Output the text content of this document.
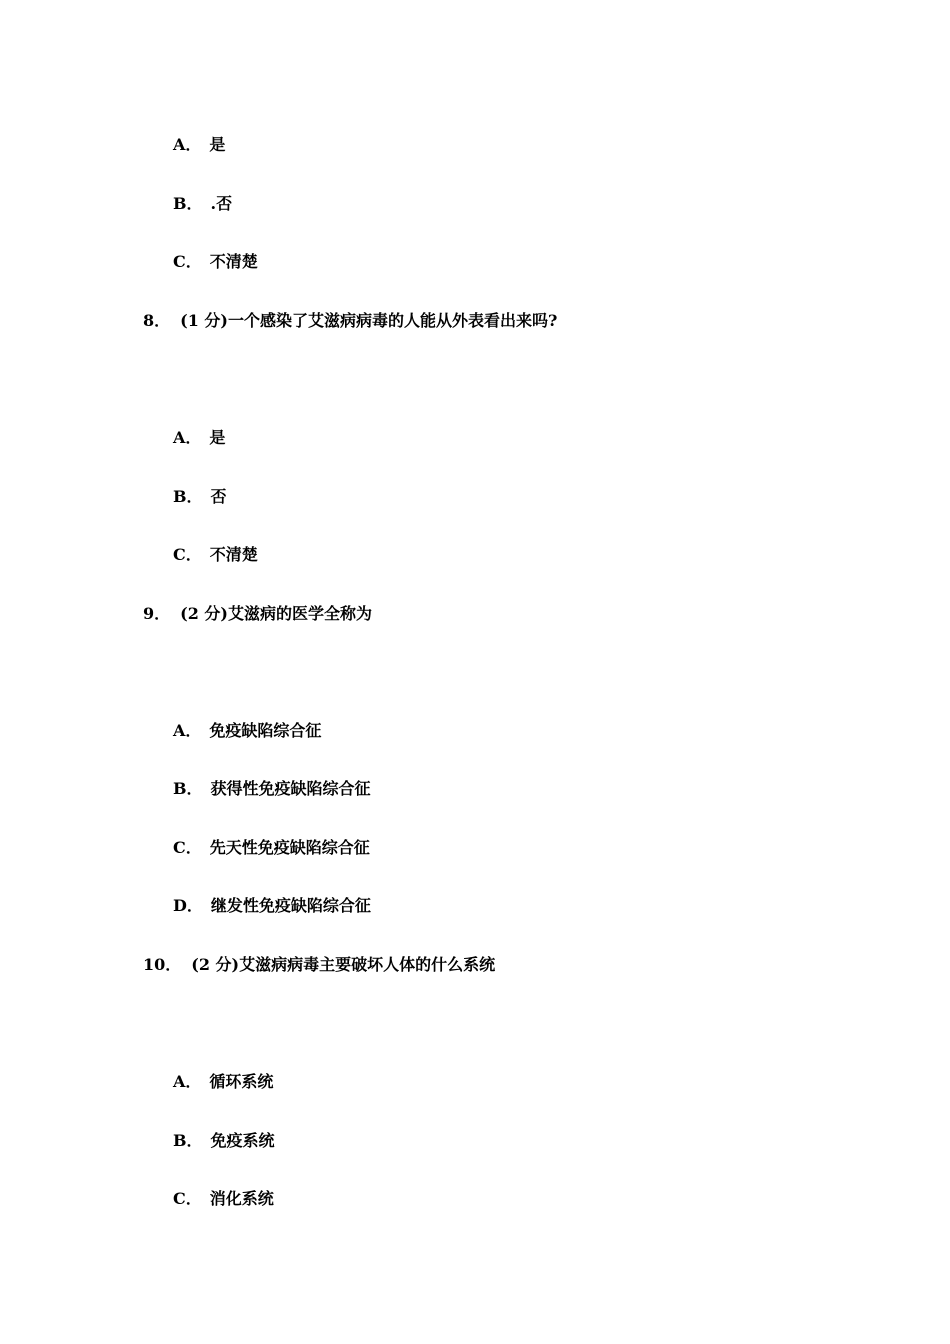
A． 是
B． .否
C． 不清楚
8． (1 分)一个感染了艾滋病病毒的人能从外表看出来吗?
A． 是
B． 否
C． 不清楚
9． (2 分)艾滋病的医学全称为
A． 免疫缺陷综合征
B． 获得性免疫缺陷综合征
C． 先天性免疫缺陷综合征
D． 继发性免疫缺陷综合征
10． (2 分)艾滋病病毒主要破坏人体的什么系统
A． 循环系统
B． 免疫系统
C． 消化系统
